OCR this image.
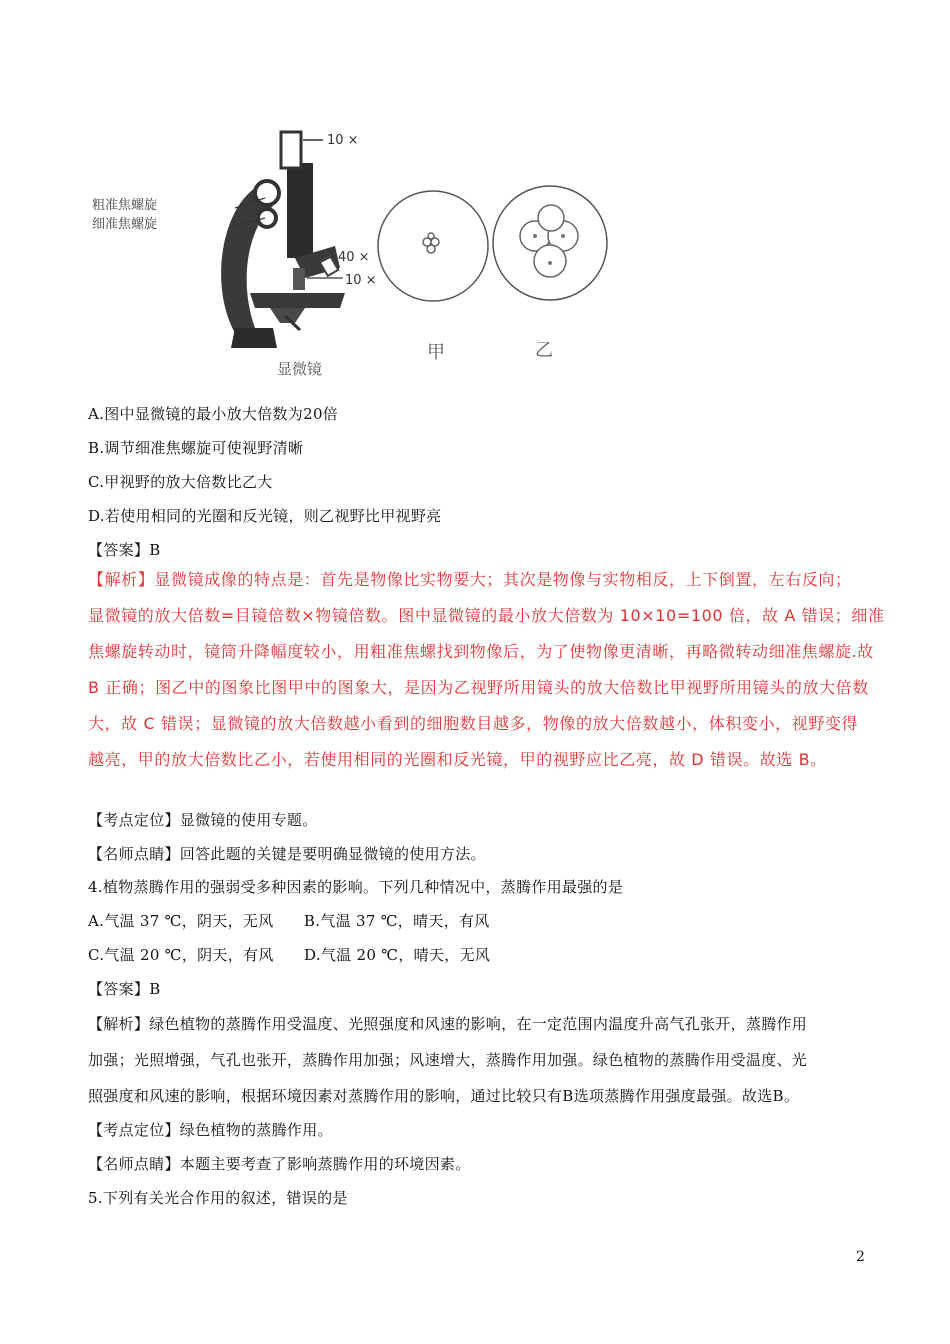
10 ×
40 ×
10 ×
显微镜
甲	乙
粗准焦螺旋
细准焦螺旋
A.图中显微镜的最小放大倍数为20倍
B.调节细准焦螺旋可使视野清晰
C.甲视野的放大倍数比乙大
D.若使用相同的光圈和反光镜，则乙视野比甲视野亮
【答案】B
【解析】显微镜成像的特点是：首先是物像比实物要大；其次是物像与实物相反，上下倒置，左右反向；
显微镜的放大倍数=目镜倍数×物镜倍数。图中显微镜的最小放大倍数为 10×10=100 倍，故 A 错误；细准
焦螺旋转动时，镜筒升降幅度较小，用粗准焦螺找到物像后，为了使物像更清晰，再略微转动细准焦螺旋.故
B 正确；图乙中的图象比图甲中的图象大，是因为乙视野所用镜头的放大倍数比甲视野所用镜头的放大倍数
大，故 C 错误；显微镜的放大倍数越小看到的细胞数目越多，物像的放大倍数越小，体积变小，视野变得
越亮，甲的放大倍数比乙小，若使用相同的光圈和反光镜，甲的视野应比乙亮，故 D 错误。故选 B。
【考点定位】显微镜的使用专题。
【名师点睛】回答此题的关键是要明确显微镜的使用方法。
4.植物蒸腾作用的强弱受多种因素的影响。下列几种情况中，蒸腾作用最强的是
A.气温 37 ℃，阴天，无风      B.气温 37 ℃，晴天，有风
C.气温 20 ℃，阴天，有风      D.气温 20 ℃，晴天，无风
【答案】B
【解析】绿色植物的蒸腾作用受温度、光照强度和风速的影响，在一定范围内温度升高气孔张开，蒸腾作用
加强；光照增强，气孔也张开，蒸腾作用加强；风速增大，蒸腾作用加强。绿色植物的蒸腾作用受温度、光
照强度和风速的影响，根据环境因素对蒸腾作用的影响，通过比较只有B选项蒸腾作用强度最强。故选B。
【考点定位】绿色植物的蒸腾作用。
【名师点睛】本题主要考查了影响蒸腾作用的环境因素。
5.下列有关光合作用的叙述，错误的是
2
